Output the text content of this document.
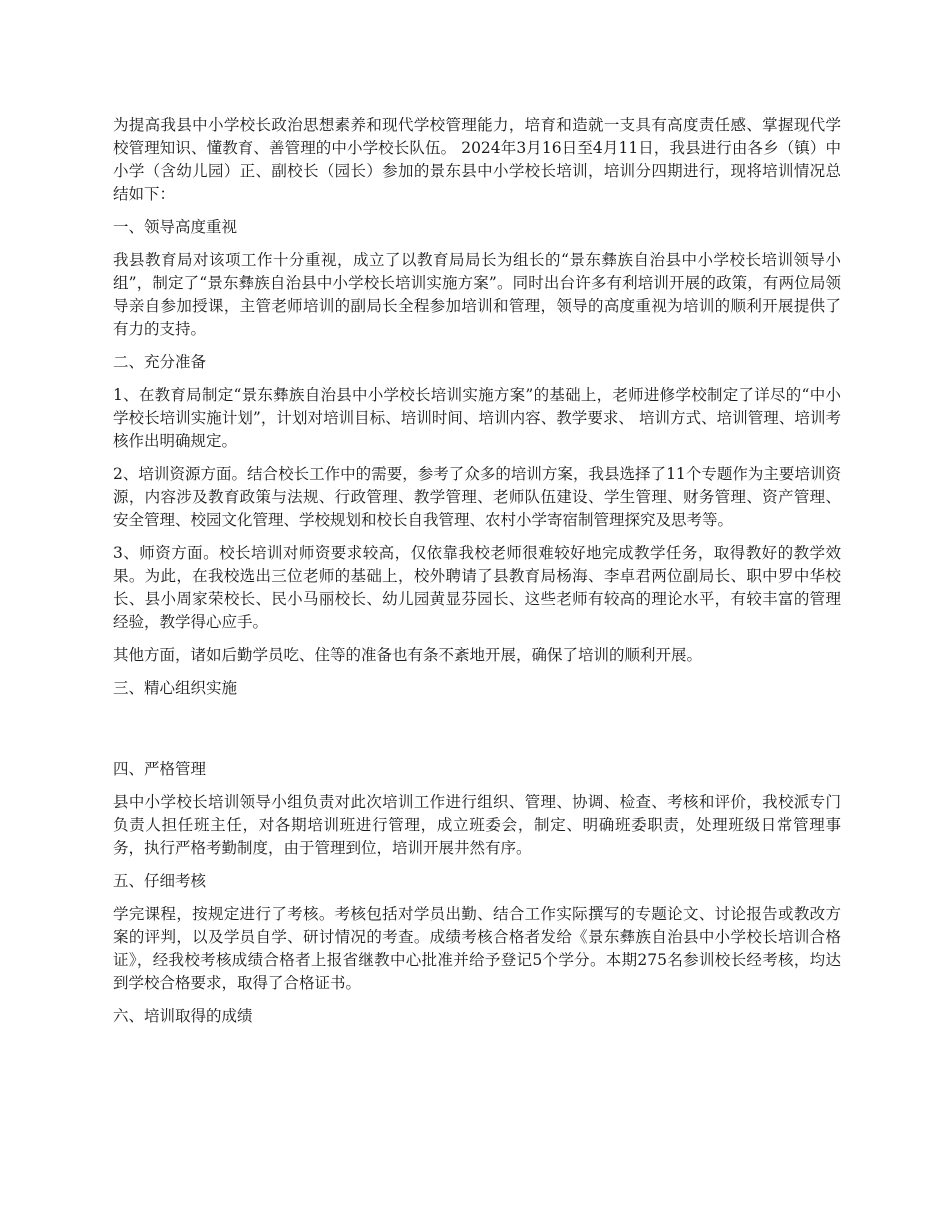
为提高我县中小学校长政治思想素养和现代学校管理能力，培育和造就一支具有高度责任感、掌握现代学校管理知识、懂教育、善管理的中小学校长队伍。 2024年3月16日至4月11日，我县进行由各乡（镇）中小学（含幼儿园）正、副校长（园长）参加的景东县中小学校长培训，培训分四期进行，现将培训情况总结如下：

一、领导高度重视

我县教育局对该项工作十分重视，成立了以教育局局长为组长的“景东彝族自治县中小学校长培训领导小组”，制定了“景东彝族自治县中小学校长培训实施方案”。同时出台许多有利培训开展的政策，有两位局领导亲自参加授课，主管老师培训的副局长全程参加培训和管理，领导的高度重视为培训的顺利开展提供了有力的支持。

二、充分准备

1、在教育局制定“景东彝族自治县中小学校长培训实施方案”的基础上，老师进修学校制定了详尽的“中小学校长培训实施计划”，计划对培训目标、培训时间、培训内容、教学要求、 培训方式、培训管理、培训考核作出明确规定。

2、培训资源方面。结合校长工作中的需要，参考了众多的培训方案，我县选择了11个专题作为主要培训资源，内容涉及教育政策与法规、行政管理、教学管理、老师队伍建设、学生管理、财务管理、资产管理、安全管理、校园文化管理、学校规划和校长自我管理、农村小学寄宿制管理探究及思考等。

3、师资方面。校长培训对师资要求较高，仅依靠我校老师很难较好地完成教学任务，取得教好的教学效果。为此，在我校选出三位老师的基础上，校外聘请了县教育局杨海、李卓君两位副局长、职中罗中华校长、县小周家荣校长、民小马丽校长、幼儿园黄显芬园长、这些老师有较高的理论水平，有较丰富的管理经验，教学得心应手。

其他方面，诸如后勤学员吃、住等的准备也有条不紊地开展，确保了培训的顺利开展。

三、精心组织实施

四、严格管理

县中小学校长培训领导小组负责对此次培训工作进行组织、管理、协调、检查、考核和评价，我校派专门负责人担任班主任，对各期培训班进行管理，成立班委会，制定、明确班委职责，处理班级日常管理事务，执行严格考勤制度，由于管理到位，培训开展井然有序。

五、仔细考核

学完课程，按规定进行了考核。考核包括对学员出勤、结合工作实际撰写的专题论文、讨论报告或教改方案的评判，以及学员自学、研讨情况的考查。成绩考核合格者发给《景东彝族自治县中小学校长培训合格证》，经我校考核成绩合格者上报省继教中心批准并给予登记5个学分。本期275名参训校长经考核，均达到学校合格要求，取得了合格证书。

六、培训取得的成绩
